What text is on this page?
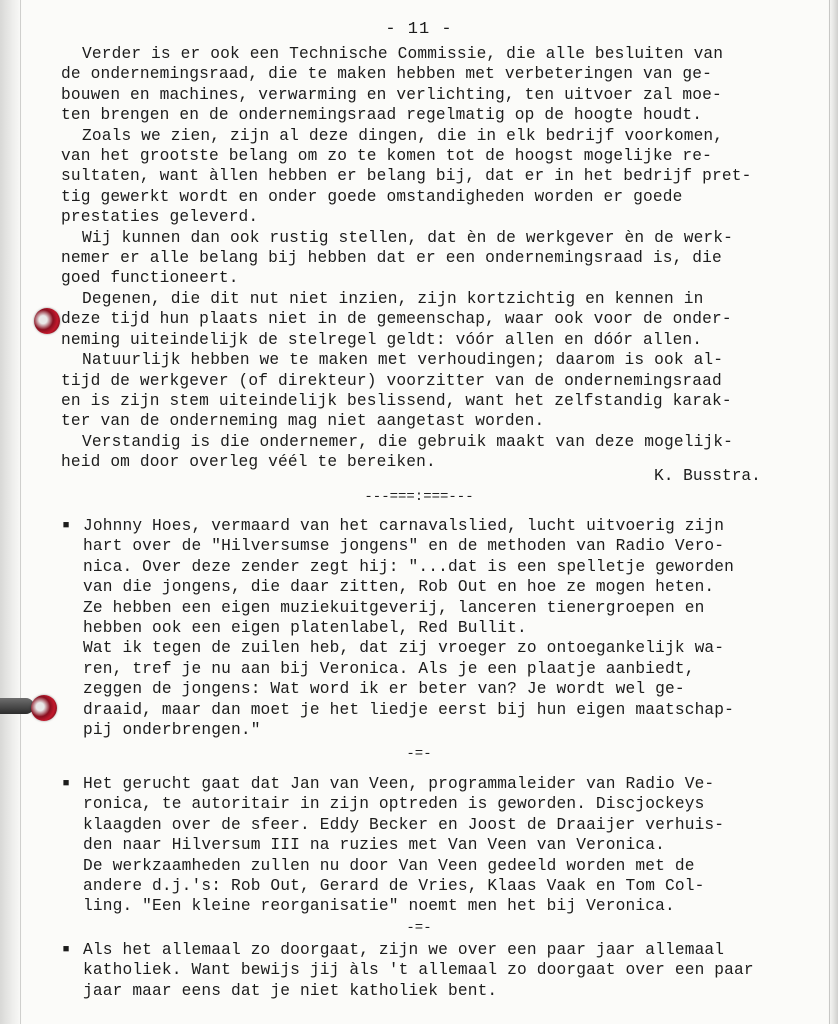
- 11 -
Verder is er ook een Technische Commissie, die alle besluiten van
de ondernemingsraad, die te maken hebben met verbeteringen van ge-
bouwen en machines, verwarming en verlichting, ten uitvoer zal moe-
ten brengen en de ondernemingsraad regelmatig op de hoogte houdt.
Zoals we zien, zijn al deze dingen, die in elk bedrijf voorkomen,
van het grootste belang om zo te komen tot de hoogst mogelijke re-
sultaten, want àllen hebben er belang bij, dat er in het bedrijf pret-
tig gewerkt wordt en onder goede omstandigheden worden er goede
prestaties geleverd.
Wij kunnen dan ook rustig stellen, dat èn de werkgever èn de werk-
nemer er alle belang bij hebben dat er een ondernemingsraad is, die
goed functioneert.
Degenen, die dit nut niet inzien, zijn kortzichtig en kennen in
deze tijd hun plaats niet in de gemeenschap, waar ook voor de onder-
neming uiteindelijk de stelregel geldt: vóór allen en dóór allen.
Natuurlijk hebben we te maken met verhoudingen; daarom is ook al-
tijd de werkgever (of direkteur) voorzitter van de ondernemingsraad
en is zijn stem uiteindelijk beslissend, want het zelfstandig karak-
ter van de onderneming mag niet aangetast worden.
Verstandig is die ondernemer, die gebruik maakt van deze mogelijk-
heid om door overleg véél te bereiken.
K. Busstra.
---===:===---
■ Johnny Hoes, vermaard van het carnavalslied, lucht uitvoerig zijn
hart over de "Hilversumse jongens" en de methoden van Radio Vero-
nica. Over deze zender zegt hij: "...dat is een spelletje geworden
van die jongens, die daar zitten, Rob Out en hoe ze mogen heten.
Ze hebben een eigen muziekuitgeverij, lanceren tienergroepen en
hebben ook een eigen platenlabel, Red Bullit.
Wat ik tegen de zuilen heb, dat zij vroeger zo ontoegankelijk wa-
ren, tref je nu aan bij Veronica. Als je een plaatje aanbiedt,
zeggen de jongens: Wat word ik er beter van? Je wordt wel ge-
draaid, maar dan moet je het liedje eerst bij hun eigen maatschap-
pij onderbrengen."
-=-
■ Het gerucht gaat dat Jan van Veen, programmaleider van Radio Ve-
ronica, te autoritair in zijn optreden is geworden. Discjockeys
klaagden over de sfeer. Eddy Becker en Joost de Draaijer verhuis-
den naar Hilversum III na ruzies met Van Veen van Veronica.
De werkzaamheden zullen nu door Van Veen gedeeld worden met de
andere d.j.'s: Rob Out, Gerard de Vries, Klaas Vaak en Tom Col-
ling. "Een kleine reorganisatie" noemt men het bij Veronica.
-=-
■ Als het allemaal zo doorgaat, zijn we over een paar jaar allemaal
katholiek. Want bewijs jij àls 't allemaal zo doorgaat over een paar
jaar maar eens dat je niet katholiek bent.
